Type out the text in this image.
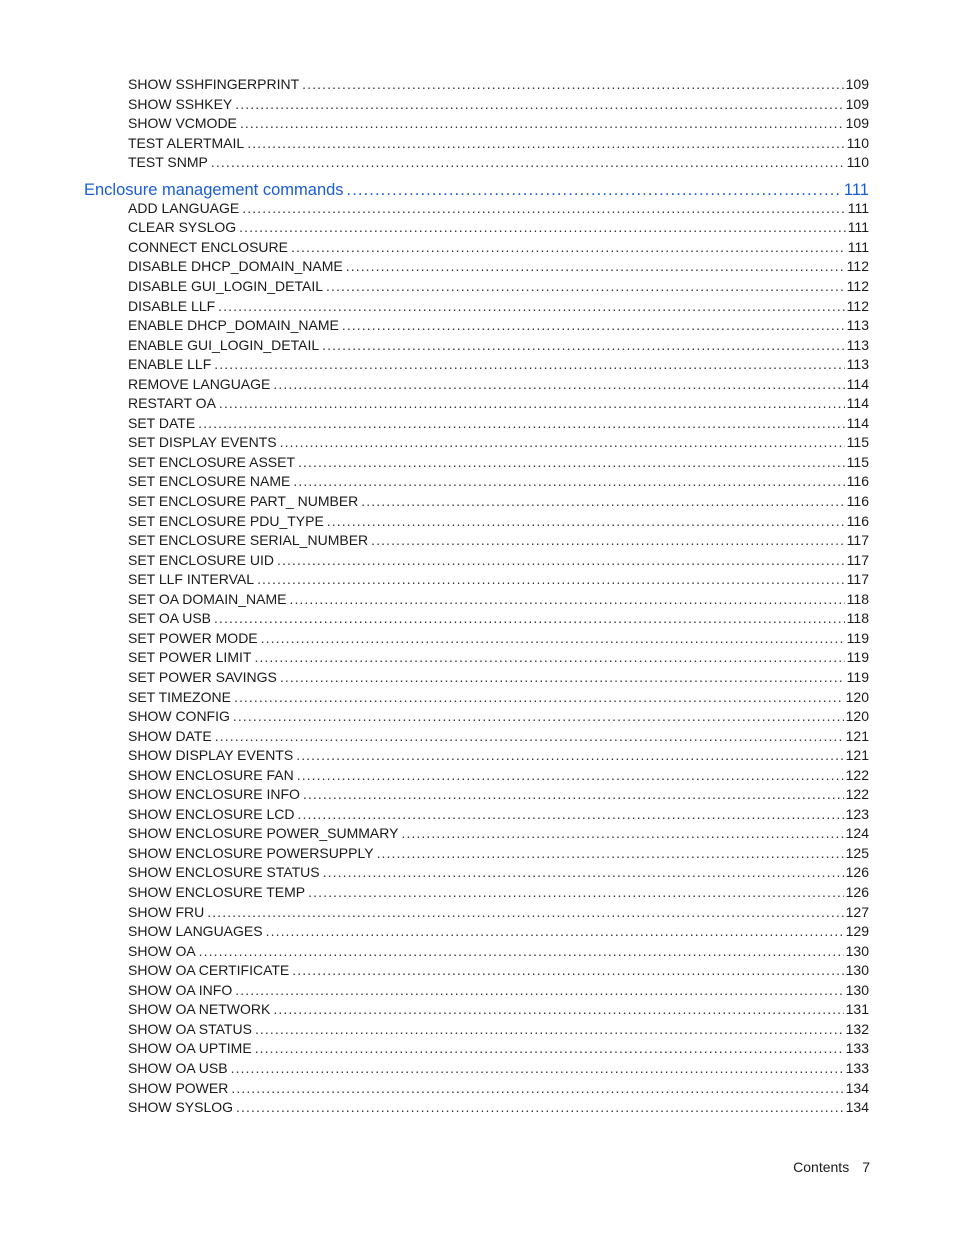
SHOW SSHFINGERPRINT .....	109
SHOW SSHKEY .....	109
SHOW VCMODE .....	109
TEST ALERTMAIL .....	110
TEST SNMP .....	110
Enclosure management commands .....	111
ADD LANGUAGE .....	111
CLEAR SYSLOG .....	111
CONNECT ENCLOSURE .....	111
DISABLE DHCP_DOMAIN_NAME .....	112
DISABLE GUI_LOGIN_DETAIL .....	112
DISABLE LLF .....	112
ENABLE DHCP_DOMAIN_NAME .....	113
ENABLE GUI_LOGIN_DETAIL .....	113
ENABLE LLF .....	113
REMOVE LANGUAGE .....	114
RESTART OA .....	114
SET DATE .....	114
SET DISPLAY EVENTS .....	115
SET ENCLOSURE ASSET .....	115
SET ENCLOSURE NAME .....	116
SET ENCLOSURE PART_ NUMBER .....	116
SET ENCLOSURE PDU_TYPE .....	116
SET ENCLOSURE SERIAL_NUMBER .....	117
SET ENCLOSURE UID .....	117
SET LLF INTERVAL .....	117
SET OA DOMAIN_NAME .....	118
SET OA USB .....	118
SET POWER MODE .....	119
SET POWER LIMIT .....	119
SET POWER SAVINGS .....	119
SET TIMEZONE .....	120
SHOW CONFIG .....	120
SHOW DATE .....	121
SHOW DISPLAY EVENTS .....	121
SHOW ENCLOSURE FAN .....	122
SHOW ENCLOSURE INFO .....	122
SHOW ENCLOSURE LCD .....	123
SHOW ENCLOSURE POWER_SUMMARY .....	124
SHOW ENCLOSURE POWERSUPPLY .....	125
SHOW ENCLOSURE STATUS .....	126
SHOW ENCLOSURE TEMP .....	126
SHOW FRU .....	127
SHOW LANGUAGES .....	129
SHOW OA .....	130
SHOW OA CERTIFICATE .....	130
SHOW OA INFO .....	130
SHOW OA NETWORK .....	131
SHOW OA STATUS .....	132
SHOW OA UPTIME .....	133
SHOW OA USB .....	133
SHOW POWER .....	134
SHOW SYSLOG .....	134
Contents 7
